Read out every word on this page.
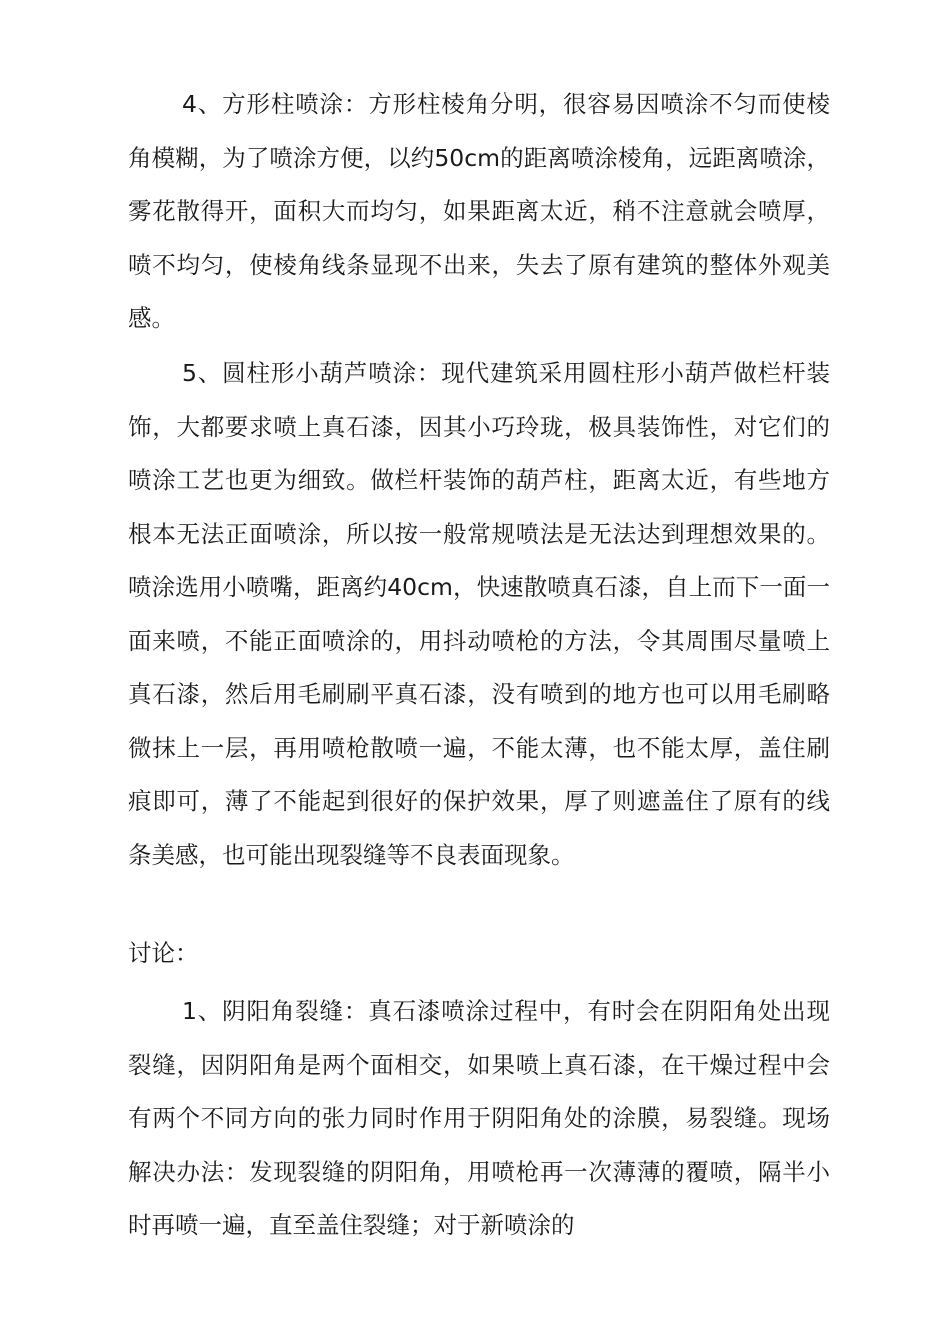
4、方形柱喷涂：方形柱棱角分明，很容易因喷涂不匀而使棱角模糊，为了喷涂方便，以约50cm的距离喷涂棱角，远距离喷涂，雾花散得开，面积大而均匀，如果距离太近，稍不注意就会喷厚，喷不均匀，使棱角线条显现不出来，失去了原有建筑的整体外观美感。

5、圆柱形小葫芦喷涂：现代建筑采用圆柱形小葫芦做栏杆装饰，大都要求喷上真石漆，因其小巧玲珑，极具装饰性，对它们的喷涂工艺也更为细致。做栏杆装饰的葫芦柱，距离太近，有些地方根本无法正面喷涂，所以按一般常规喷法是无法达到理想效果的。喷涂选用小喷嘴，距离约40cm，快速散喷真石漆，自上而下一面一面来喷，不能正面喷涂的，用抖动喷枪的方法，令其周围尽量喷上真石漆，然后用毛刷刷平真石漆，没有喷到的地方也可以用毛刷略微抹上一层，再用喷枪散喷一遍，不能太薄，也不能太厚，盖住刷痕即可，薄了不能起到很好的保护效果，厚了则遮盖住了原有的线条美感，也可能出现裂缝等不良表面现象。

讨论：

1、阴阳角裂缝：真石漆喷涂过程中，有时会在阴阳角处出现裂缝，因阴阳角是两个面相交，如果喷上真石漆，在干燥过程中会有两个不同方向的张力同时作用于阴阳角处的涂膜，易裂缝。现场解决办法：发现裂缝的阴阳角，用喷枪再一次薄薄的覆喷，隔半小时再喷一遍，直至盖住裂缝；对于新喷涂的
